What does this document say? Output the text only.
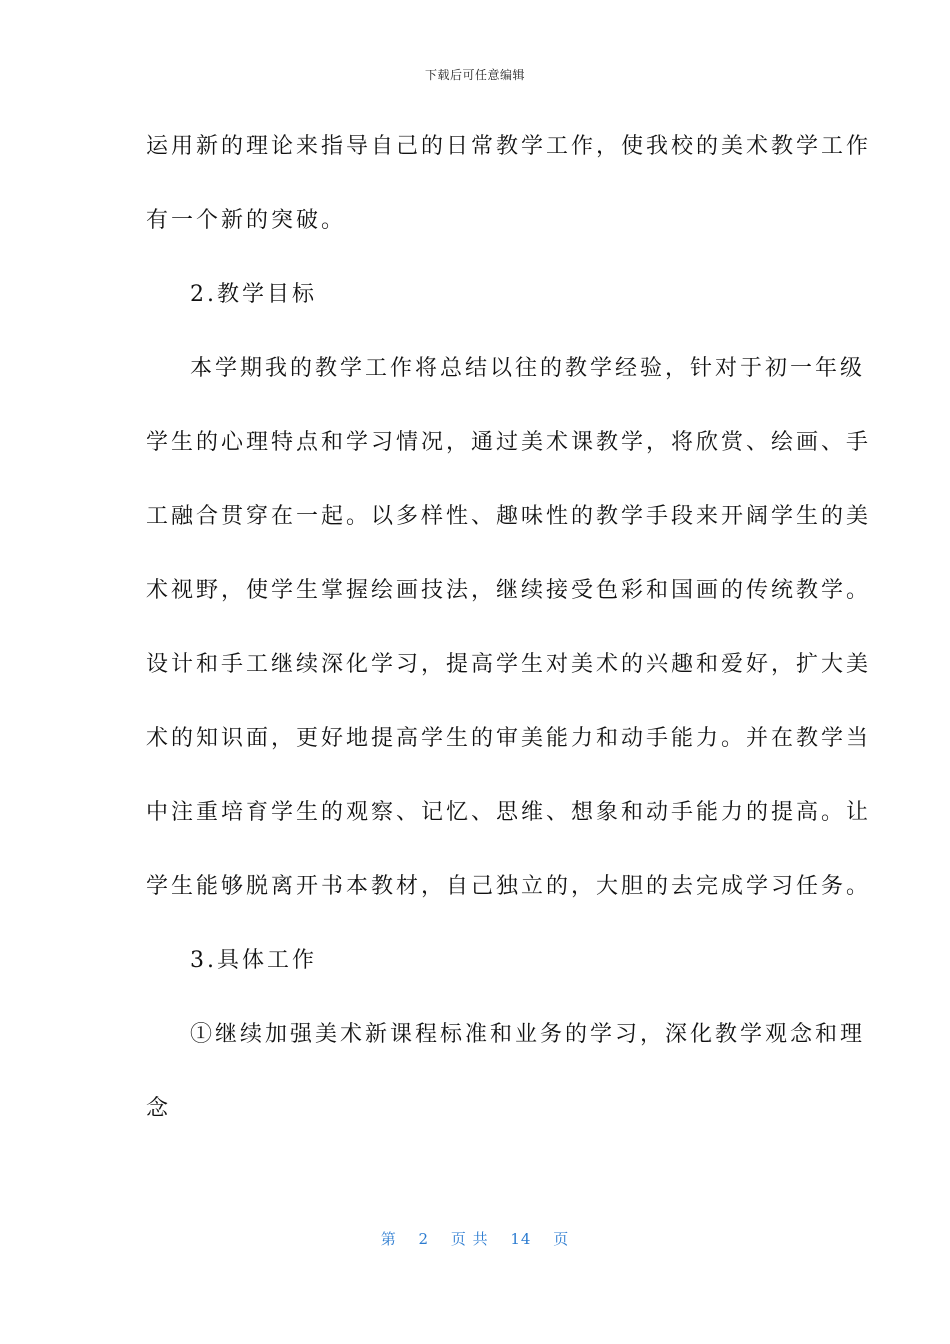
下载后可任意编辑
运用新的理论来指导自己的日常教学工作，使我校的美术教学工作
有一个新的突破。
2.教学目标
本学期我的教学工作将总结以往的教学经验，针对于初一年级
学生的心理特点和学习情况，通过美术课教学，将欣赏、绘画、手
工融合贯穿在一起。以多样性、趣味性的教学手段来开阔学生的美
术视野，使学生掌握绘画技法，继续接受色彩和国画的传统教学。
设计和手工继续深化学习，提高学生对美术的兴趣和爱好，扩大美
术的知识面，更好地提高学生的审美能力和动手能力。并在教学当
中注重培育学生的观察、记忆、思维、想象和动手能力的提高。让
学生能够脱离开书本教材，自己独立的，大胆的去完成学习任务。
3.具体工作
①继续加强美术新课程标准和业务的学习，深化教学观念和理
念
第 2 页 共 14 页
